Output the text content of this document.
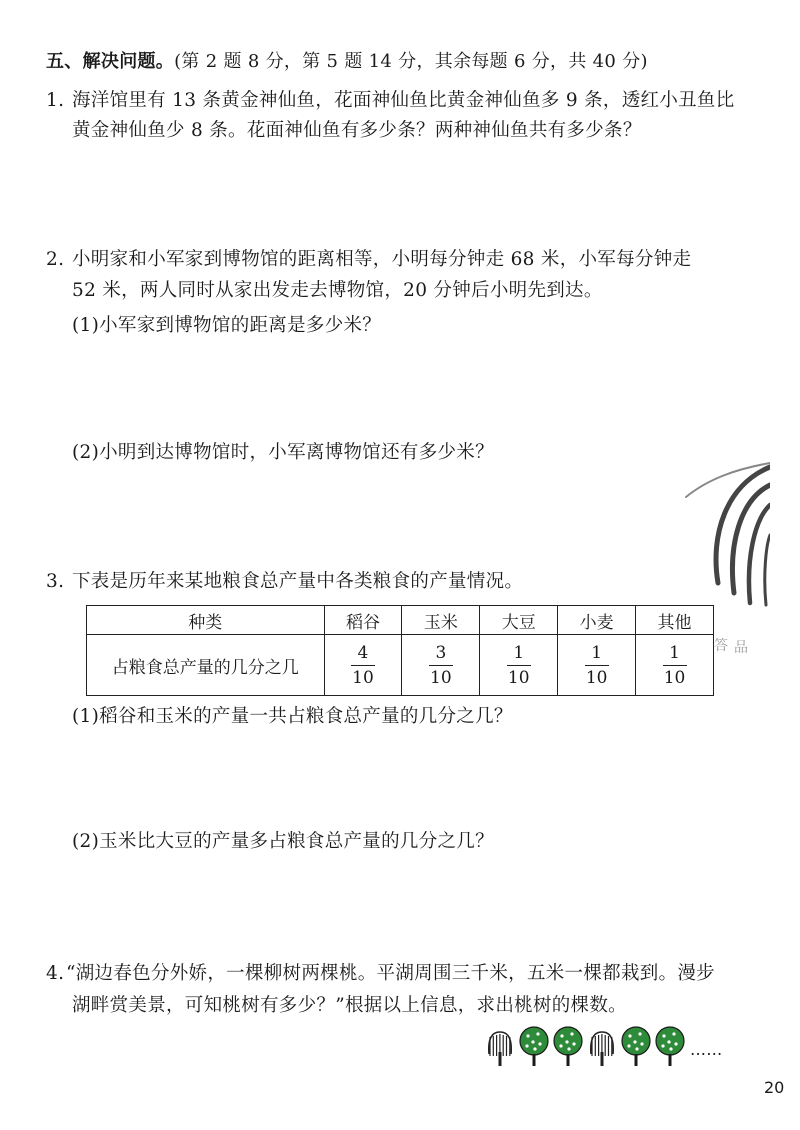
五、解决问题。(第 2 题 8 分，第 5 题 14 分，其余每题 6 分，共 40 分)
1. 海洋馆里有 13 条黄金神仙鱼，花面神仙鱼比黄金神仙鱼多 9 条，透红小丑鱼比
黄金神仙鱼少 8 条。花面神仙鱼有多少条？两种神仙鱼共有多少条？
2. 小明家和小军家到博物馆的距离相等，小明每分钟走 68 米，小军每分钟走
52 米，两人同时从家出发走去博物馆，20 分钟后小明先到达。
(1)小军家到博物馆的距离是多少米？
(2)小明到达博物馆时，小军离博物馆还有多少米？
答 品
3. 下表是历年来某地粮食总产量中各类粮食的产量情况。
种类	稻谷	玉米	大豆	小麦	其他
占粮食总产量的几分之几	$\frac{4}{10}$	$\frac{3}{10}$	$\frac{1}{10}$	$\frac{1}{10}$	$\frac{1}{10}$
(1)稻谷和玉米的产量一共占粮食总产量的几分之几？
(2)玉米比大豆的产量多占粮食总产量的几分之几？
4. “湖边春色分外娇，一棵柳树两棵桃。平湖周围三千米，五米一棵都栽到。漫步
湖畔赏美景，可知桃树有多少？”根据以上信息，求出桃树的棵数。
……
20
